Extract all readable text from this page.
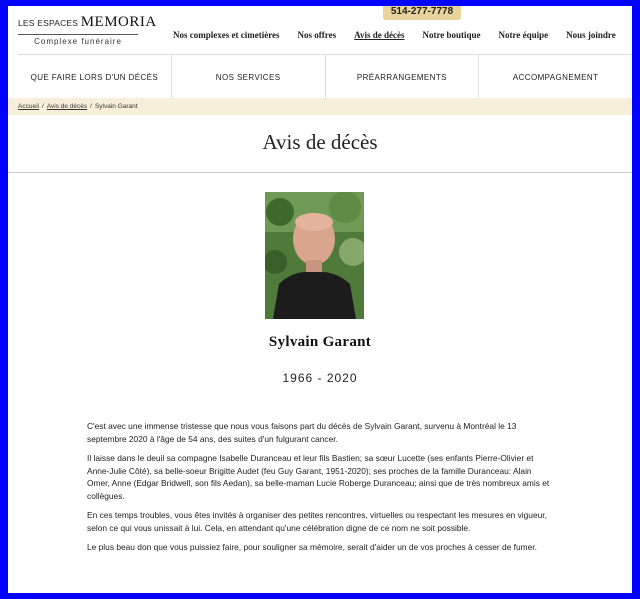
514-277-7778
LES ESPACES MEMORIA
Complexe funéraire
Nos complexes et cimetières Nos offres Avis de décès Notre boutique Notre équipe Nous joindre
QUE FAIRE LORS D'UN DÉCÈS	NOS SERVICES	PRÉARRANGEMENTS	ACCOMPAGNEMENT
Accueil / Avis de décès / Sylvain Garant
Avis de décès
Sylvain Garant
1966 - 2020

C'est avec une immense tristesse que nous vous faisons part du décès de Sylvain Garant, survenu à Montréal le 13 septembre 2020 à l'âge de 54 ans, des suites d'un fulgurant cancer.

Il laisse dans le deuil sa compagne Isabelle Duranceau et leur fils Bastien; sa sœur Lucette (ses enfants Pierre-Olivier et Anne-Julie Côté), sa belle-soeur Brigitte Audet (feu Guy Garant, 1951-2020); ses proches de la famille Duranceau: Alain Omer, Anne (Edgar Bridwell, son fils Aedan), sa belle-maman Lucie Roberge Duranceau; ainsi que de très nombreux amis et collègues.

En ces temps troubles, vous êtes invités à organiser des petites rencontres, virtuelles ou respectant les mesures en vigueur, selon ce qui vous unissait à lui. Cela, en attendant qu'une célébration digne de ce nom ne soit possible.

Le plus beau don que vous puissiez faire, pour souligner sa mémoire, serait d'aider un de vos proches à cesser de fumer.
